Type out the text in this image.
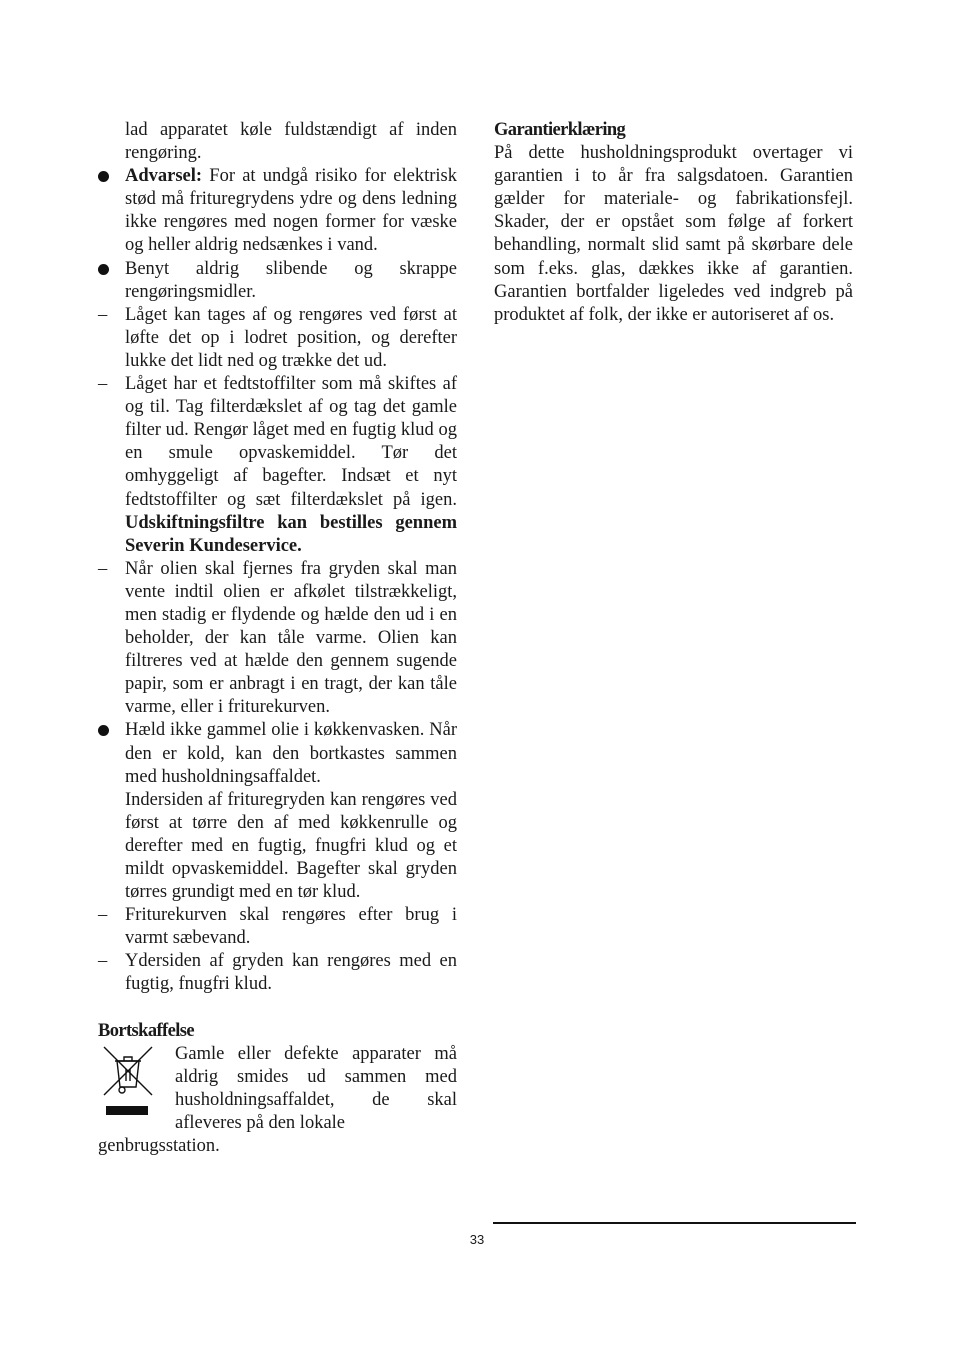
lad apparatet køle fuldstændigt af inden rengøring.

Advarsel: For at undgå risiko for elektrisk stød må frituregrydens ydre og dens ledning ikke rengøres med nogen former for væske og heller aldrig nedsænkes i vand.
Benyt aldrig slibende og skrappe rengøringsmidler.
– Låget kan tages af og rengøres ved først at løfte det op i lodret position, og derefter lukke det lidt ned og trække det ud.
– Låget har et fedtstoffilter som må skiftes af og til. Tag filterdækslet af og tag det gamle filter ud. Rengør låget med en fugtig klud og en smule opvaskemiddel. Tør det omhyggeligt af bagefter. Indsæt et nyt fedtstoffilter og sæt filterdækslet på igen. Udskiftningsfiltre kan bestilles gennem Severin Kundeservice.
– Når olien skal fjernes fra gryden skal man vente indtil olien er afkølet tilstrækkeligt, men stadig er flydende og hælde den ud i en beholder, der kan tåle varme. Olien kan filtreres ved at hælde den gennem sugende papir, som er anbragt i en tragt, der kan tåle varme, eller i friturekurven.
Hæld ikke gammel olie i køkkenvasken. Når den er kold, kan den bortkastes sammen med husholdningsaffaldet.

Indersiden af frituregryden kan rengøres ved først at tørre den af med køkkenrulle og derefter med en fugtig, fnugfri klud og et mildt opvaskemiddel. Bagefter skal gryden tørres grundigt med en tør klud.

– Friturekurven skal rengøres efter brug i varmt sæbevand.
– Ydersiden af gryden kan rengøres med en fugtig, fnugfri klud.

Bortskaffelse

Gamle eller defekte apparater må aldrig smides ud sammen med husholdningsaffaldet, de skal afleveres på den lokale

genbrugsstation.

Garantierklæring

På dette husholdningsprodukt overtager vi garantien i to år fra salgsdatoen. Garantien gælder for materiale- og fabrikationsfejl. Skader, der er opstået som følge af forkert behandling, normalt slid samt på skørbare dele som f.eks. glas, dækkes ikke af garantien. Garantien bortfalder ligeledes ved indgreb på produktet af folk, der ikke er autoriseret af os.

33
